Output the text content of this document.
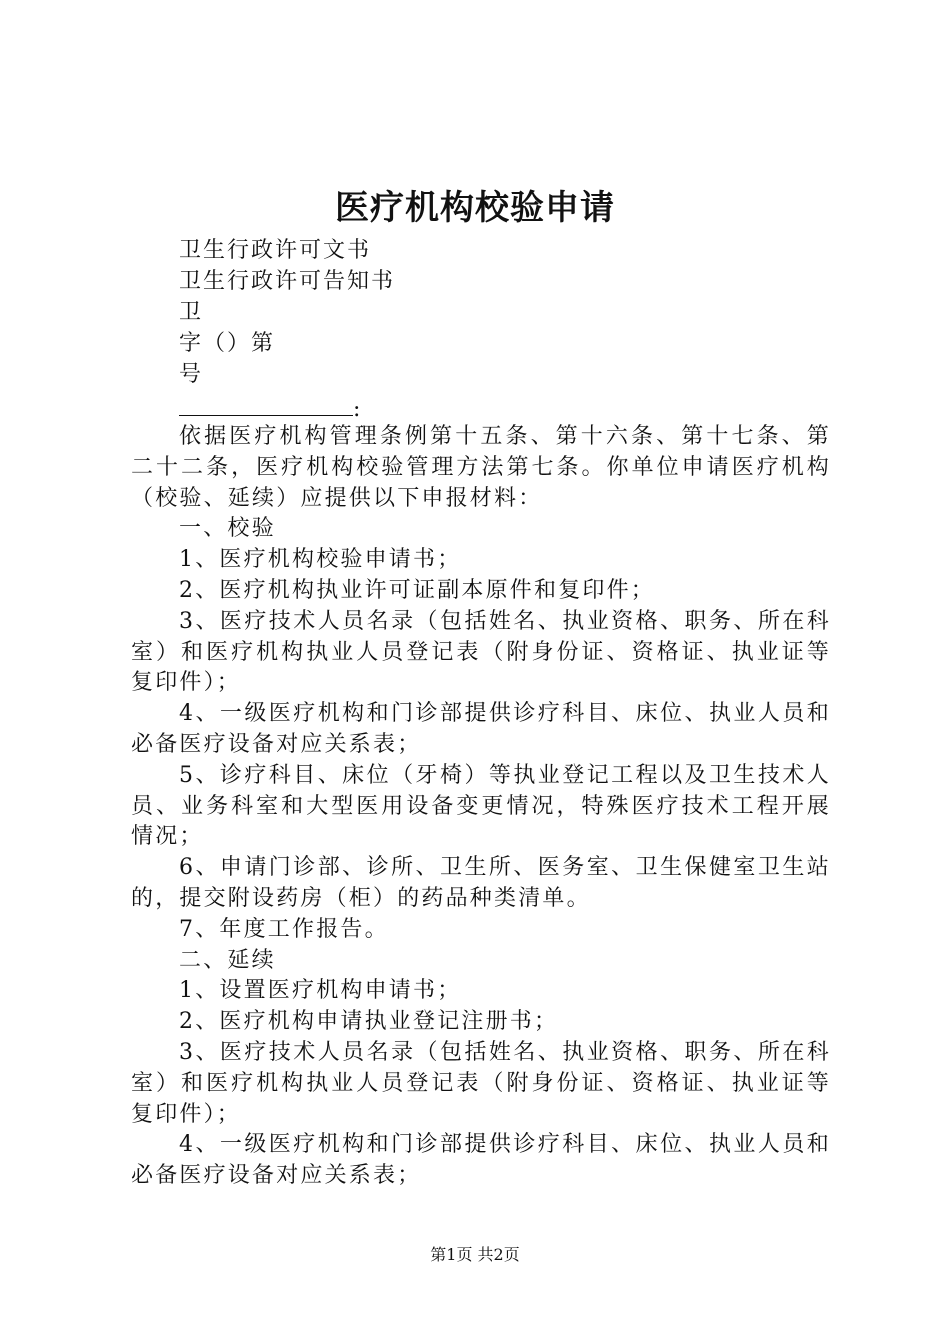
医疗机构校验申请
卫生行政许可文书
卫生行政许可告知书
卫
字（）第
号
:

依据医疗机构管理条例第十五条、第十六条、第十七条、第二十二条，医疗机构校验管理方法第七条。你单位申请医疗机构（校验、延续）应提供以下申报材料：

一、校验

1、医疗机构校验申请书；

2、医疗机构执业许可证副本原件和复印件；

3、医疗技术人员名录（包括姓名、执业资格、职务、所在科室）和医疗机构执业人员登记表（附身份证、资格证、执业证等复印件）；

4、一级医疗机构和门诊部提供诊疗科目、床位、执业人员和必备医疗设备对应关系表；

5、诊疗科目、床位（牙椅）等执业登记工程以及卫生技术人员、业务科室和大型医用设备变更情况，特殊医疗技术工程开展情况；

6、申请门诊部、诊所、卫生所、医务室、卫生保健室卫生站的，提交附设药房（柜）的药品种类清单。

7、年度工作报告。

二、延续

1、设置医疗机构申请书；

2、医疗机构申请执业登记注册书；

3、医疗技术人员名录（包括姓名、执业资格、职务、所在科室）和医疗机构执业人员登记表（附身份证、资格证、执业证等复印件）；

4、一级医疗机构和门诊部提供诊疗科目、床位、执业人员和必备医疗设备对应关系表；

第1页 共2页
